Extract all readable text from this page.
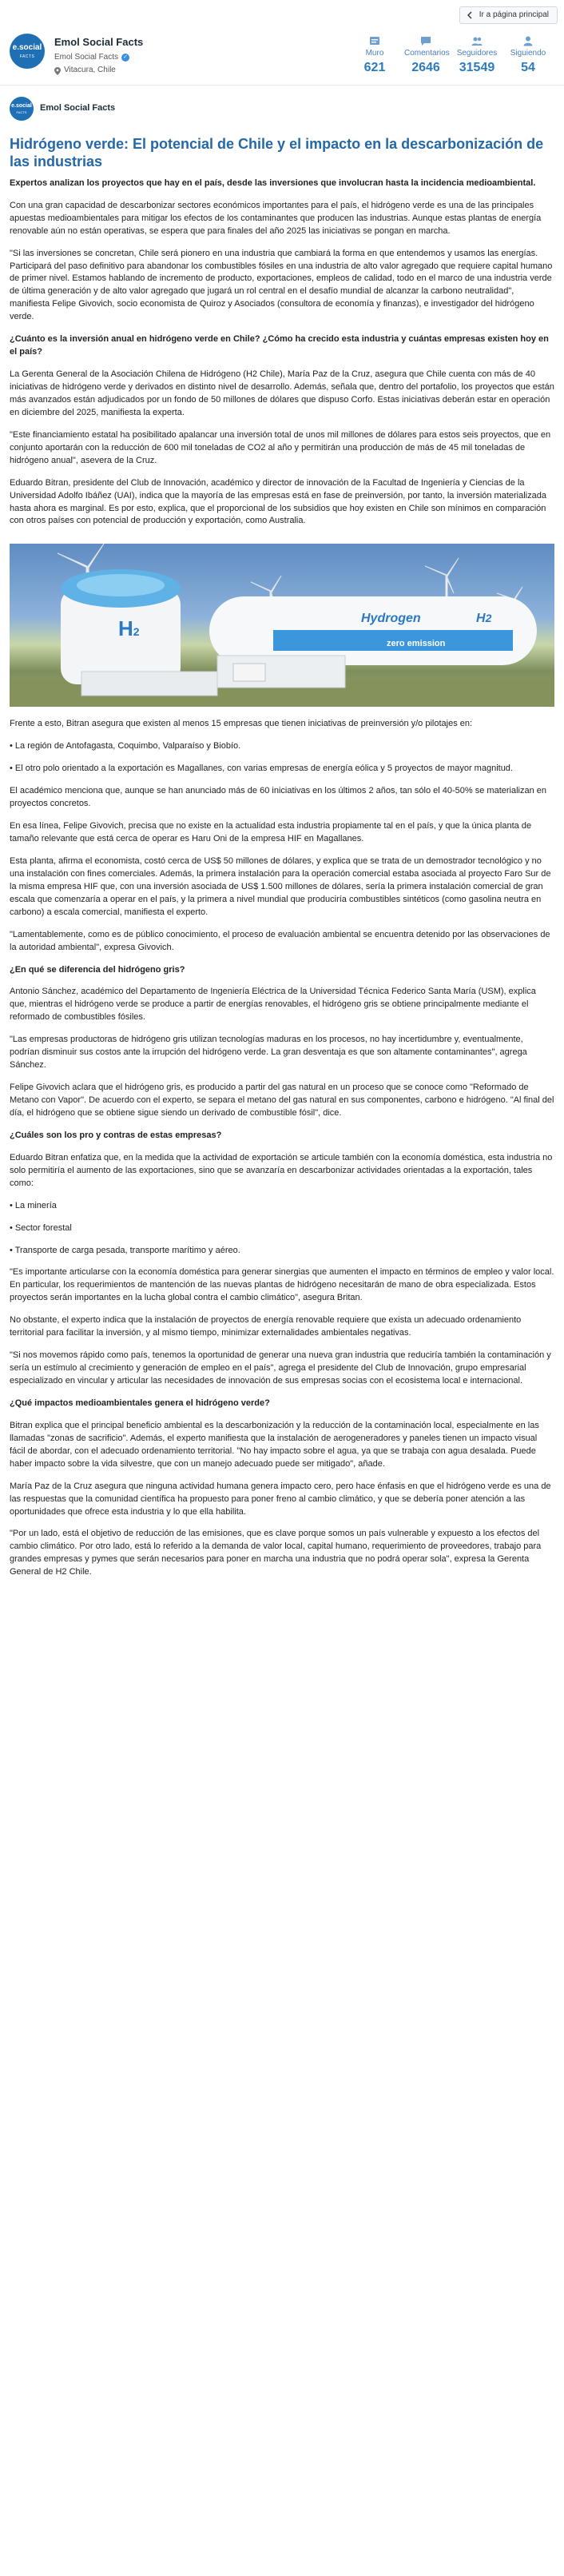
Ir a página principal
e.social
FACTS
Emol Social Facts
Emol Social Facts ✓
Vitacura, Chile
Muro
621
Comentarios
2646
Seguidores
31549
Siguiendo
54
e.social
FACTS Emol Social Facts
Hidrógeno verde: El potencial de Chile y el impacto en la descarbonización de las industrias
Expertos analizan los proyectos que hay en el país, desde las inversiones que involucran hasta la incidencia medioambiental.

Con una gran capacidad de descarbonizar sectores económicos importantes para el país, el hidrógeno verde es una de las principales apuestas medioambientales para mitigar los efectos de los contaminantes que producen las industrias. Aunque estas plantas de energía renovable aún no están operativas, se espera que para finales del año 2025 las iniciativas se pongan en marcha.

"Si las inversiones se concretan, Chile será pionero en una industria que cambiará la forma en que entendemos y usamos las energías. Participará del paso definitivo para abandonar los combustibles fósiles en una industria de alto valor agregado que requiere capital humano de primer nivel. Estamos hablando de incremento de producto, exportaciones, empleos de calidad, todo en el marco de una industria verde de última generación y de alto valor agregado que jugará un rol central en el desafío mundial de alcanzar la carbono neutralidad", manifiesta Felipe Givovich, socio economista de Quiroz y Asociados (consultora de economía y finanzas), e investigador del hidrógeno verde.

¿Cuánto es la inversión anual en hidrógeno verde en Chile? ¿Cómo ha crecido esta industria y cuántas empresas existen hoy en el país?

La Gerenta General de la Asociación Chilena de Hidrógeno (H2 Chile), María Paz de la Cruz, asegura que Chile cuenta con más de 40 iniciativas de hidrógeno verde y derivados en distinto nivel de desarrollo. Además, señala que, dentro del portafolio, los proyectos que están más avanzados están adjudicados por un fondo de 50 millones de dólares que dispuso Corfo. Estas iniciativas deberán estar en operación en diciembre del 2025, manifiesta la experta.

"Este financiamiento estatal ha posibilitado apalancar una inversión total de unos mil millones de dólares para estos seis proyectos, que en conjunto aportarán con la reducción de 600 mil toneladas de CO2 al año y permitirán una producción de más de 45 mil toneladas de hidrógeno anual", asevera de la Cruz.

Eduardo Bitran, presidente del Club de Innovación, académico y director de innovación de la Facultad de Ingeniería y Ciencias de la Universidad Adolfo Ibáñez (UAI), indica que la mayoría de las empresas está en fase de preinversión, por tanto, la inversión materializada hasta ahora es marginal. Es por esto, explica, que el proporcional de los subsidios que hoy existen en Chile son mínimos en comparación con otros países con potencial de producción y exportación, como Australia.

H2
Hydrogen	H2
zero emission

Frente a esto, Bitran asegura que existen al menos 15 empresas que tienen iniciativas de preinversión y/o pilotajes en:

• La región de Antofagasta, Coquimbo, Valparaíso y Biobío.

• El otro polo orientado a la exportación es Magallanes, con varias empresas de energía eólica y 5 proyectos de mayor magnitud.

El académico menciona que, aunque se han anunciado más de 60 iniciativas en los últimos 2 años, tan sólo el 40-50% se materializan en proyectos concretos.

En esa línea, Felipe Givovich, precisa que no existe en la actualidad esta industria propiamente tal en el país, y que la única planta de tamaño relevante que está cerca de operar es Haru Oni de la empresa HIF en Magallanes.

Esta planta, afirma el economista, costó cerca de US$ 50 millones de dólares, y explica que se trata de un demostrador tecnológico y no una instalación con fines comerciales. Además, la primera instalación para la operación comercial estaba asociada al proyecto Faro Sur de la misma empresa HIF que, con una inversión asociada de US$ 1.500 millones de dólares, sería la primera instalación comercial de gran escala que comenzaría a operar en el país, y la primera a nivel mundial que produciría combustibles sintéticos (como gasolina neutra en carbono) a escala comercial, manifiesta el experto.

"Lamentablemente, como es de público conocimiento, el proceso de evaluación ambiental se encuentra detenido por las observaciones de la autoridad ambiental", expresa Givovich.

¿En qué se diferencia del hidrógeno gris?

Antonio Sánchez, académico del Departamento de Ingeniería Eléctrica de la Universidad Técnica Federico Santa María (USM), explica que, mientras el hidrógeno verde se produce a partir de energías renovables, el hidrógeno gris se obtiene principalmente mediante el reformado de combustibles fósiles.

"Las empresas productoras de hidrógeno gris utilizan tecnologías maduras en los procesos, no hay incertidumbre y, eventualmente, podrían disminuir sus costos ante la irrupción del hidrógeno verde. La gran desventaja es que son altamente contaminantes", agrega Sánchez.

Felipe Givovich aclara que el hidrógeno gris, es producido a partir del gas natural en un proceso que se conoce como "Reformado de Metano con Vapor". De acuerdo con el experto, se separa el metano del gas natural en sus componentes, carbono e hidrógeno. "Al final del día, el hidrógeno que se obtiene sigue siendo un derivado de combustible fósil", dice.

¿Cuáles son los pro y contras de estas empresas?

Eduardo Bitran enfatiza que, en la medida que la actividad de exportación se articule también con la economía doméstica, esta industria no solo permitiría el aumento de las exportaciones, sino que se avanzaría en descarbonizar actividades orientadas a la exportación, tales como:

• La minería

• Sector forestal

• Transporte de carga pesada, transporte marítimo y aéreo.

"Es importante articularse con la economía doméstica para generar sinergias que aumenten el impacto en términos de empleo y valor local. En particular, los requerimientos de mantención de las nuevas plantas de hidrógeno necesitarán de mano de obra especializada. Estos proyectos serán importantes en la lucha global contra el cambio climático", asegura Britan.

No obstante, el experto indica que la instalación de proyectos de energía renovable requiere que exista un adecuado ordenamiento territorial para facilitar la inversión, y al mismo tiempo, minimizar externalidades ambientales negativas.

"Si nos movemos rápido como país, tenemos la oportunidad de generar una nueva gran industria que reduciría también la contaminación y sería un estímulo al crecimiento y generación de empleo en el país", agrega el presidente del Club de Innovación, grupo empresarial especializado en vincular y articular las necesidades de innovación de sus empresas socias con el ecosistema local e internacional.

¿Qué impactos medioambientales genera el hidrógeno verde?

Bitran explica que el principal beneficio ambiental es la descarbonización y la reducción de la contaminación local, especialmente en las llamadas "zonas de sacrificio". Además, el experto manifiesta que la instalación de aerogeneradores y paneles tienen un impacto visual fácil de abordar, con el adecuado ordenamiento territorial. "No hay impacto sobre el agua, ya que se trabaja con agua desalada. Puede haber impacto sobre la vida silvestre, que con un manejo adecuado puede ser mitigado", añade.

María Paz de la Cruz asegura que ninguna actividad humana genera impacto cero, pero hace énfasis en que el hidrógeno verde es una de las respuestas que la comunidad científica ha propuesto para poner freno al cambio climático, y que se debería poner atención a las oportunidades que ofrece esta industria y lo que ella habilita.

"Por un lado, está el objetivo de reducción de las emisiones, que es clave porque somos un país vulnerable y expuesto a los efectos del cambio climático. Por otro lado, está lo referido a la demanda de valor local, capital humano, requerimiento de proveedores, trabajo para grandes empresas y pymes que serán necesarios para poner en marcha una industria que no podrá operar sola", expresa la Gerenta General de H2 Chile.
